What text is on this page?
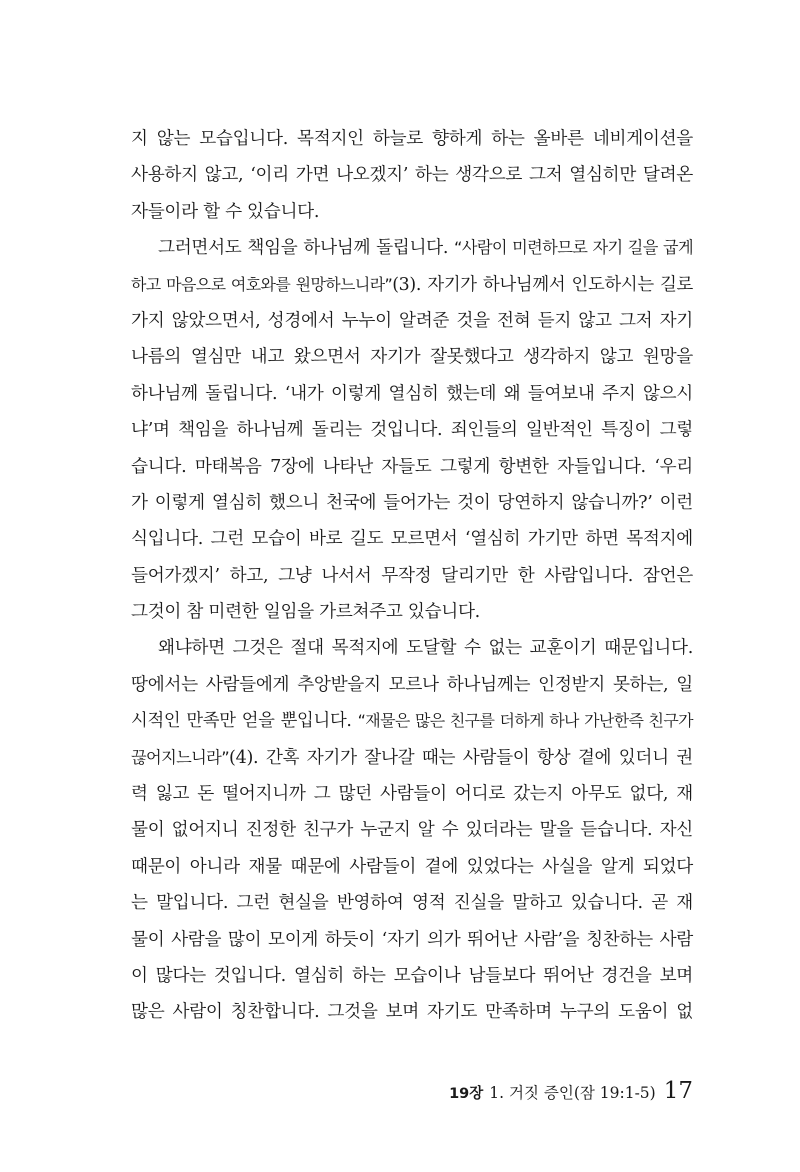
지 않는 모습입니다. 목적지인 하늘로 향하게 하는 올바른 네비게이션을
사용하지 않고, ‘이리 가면 나오겠지’ 하는 생각으로 그저 열심히만 달려온
자들이라 할 수 있습니다.
그러면서도 책임을 하나님께 돌립니다. “사람이 미련하므로 자기 길을 굽게
하고 마음으로 여호와를 원망하느니라”(3). 자기가 하나님께서 인도하시는 길로
가지 않았으면서, 성경에서 누누이 알려준 것을 전혀 듣지 않고 그저 자기
나름의 열심만 내고 왔으면서 자기가 잘못했다고 생각하지 않고 원망을
하나님께 돌립니다. ‘내가 이렇게 열심히 했는데 왜 들여보내 주지 않으시
냐’며 책임을 하나님께 돌리는 것입니다. 죄인들의 일반적인 특징이 그렇
습니다. 마태복음 7장에 나타난 자들도 그렇게 항변한 자들입니다. ‘우리
가 이렇게 열심히 했으니 천국에 들어가는 것이 당연하지 않습니까?’ 이런
식입니다. 그런 모습이 바로 길도 모르면서 ‘열심히 가기만 하면 목적지에
들어가겠지’ 하고, 그냥 나서서 무작정 달리기만 한 사람입니다. 잠언은
그것이 참 미련한 일임을 가르쳐주고 있습니다.
왜냐하면 그것은 절대 목적지에 도달할 수 없는 교훈이기 때문입니다.
땅에서는 사람들에게 추앙받을지 모르나 하나님께는 인정받지 못하는, 일
시적인 만족만 얻을 뿐입니다. “재물은 많은 친구를 더하게 하나 가난한즉 친구가
끊어지느니라”(4). 간혹 자기가 잘나갈 때는 사람들이 항상 곁에 있더니 권
력 잃고 돈 떨어지니까 그 많던 사람들이 어디로 갔는지 아무도 없다, 재
물이 없어지니 진정한 친구가 누군지 알 수 있더라는 말을 듣습니다. 자신
때문이 아니라 재물 때문에 사람들이 곁에 있었다는 사실을 알게 되었다
는 말입니다. 그런 현실을 반영하여 영적 진실을 말하고 있습니다. 곧 재
물이 사람을 많이 모이게 하듯이 ‘자기 의가 뛰어난 사람’을 칭찬하는 사람
이 많다는 것입니다. 열심히 하는 모습이나 남들보다 뛰어난 경건을 보며
많은 사람이 칭찬합니다. 그것을 보며 자기도 만족하며 누구의 도움이 없
19장 1. 거짓 증인(잠 19:1-5) 17
